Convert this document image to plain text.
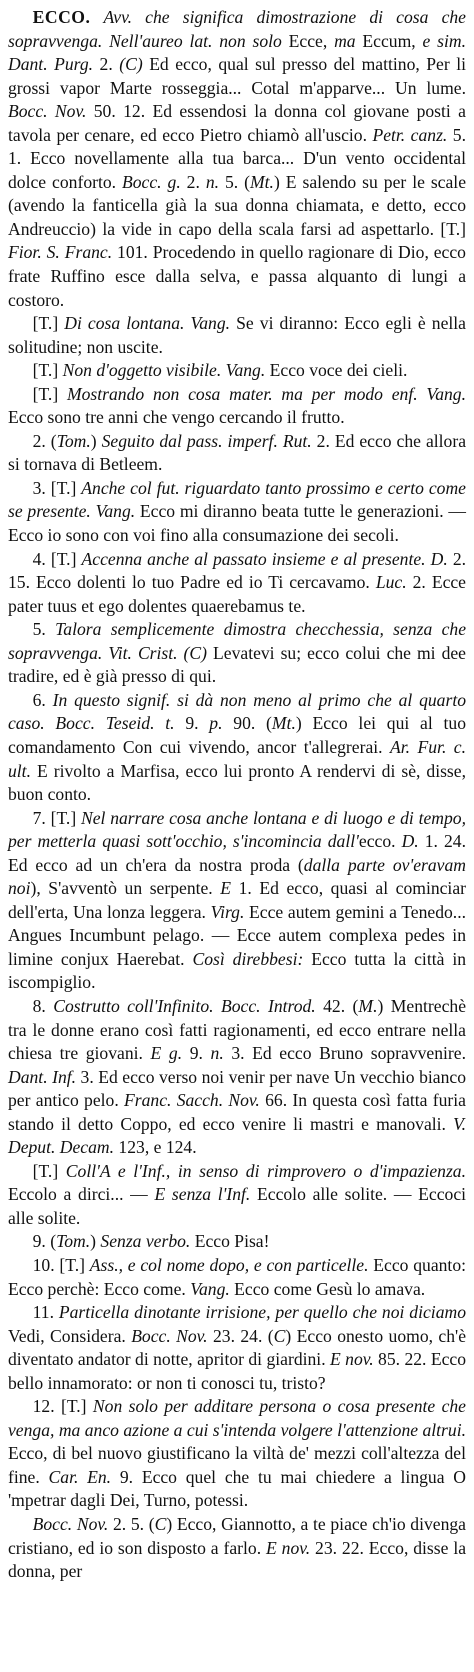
ECCO. Avv. che significa dimostrazione di cosa che sopravvenga. Nell'aureo lat. non solo Ecce, ma Eccum, e sim. Dant. Purg. 2. (C) Ed ecco, qual sul presso del mattino, Per li grossi vapor Marte rosseggia... Cotal m'apparve... Un lume. Bocc. Nov. 50. 12. Ed essendosi la donna col giovane posti a tavola per cenare, ed ecco Pietro chiamò all'uscio. Petr. canz. 5. 1. Ecco novellamente alla tua barca... D'un vento occidental dolce conforto. Bocc. g. 2. n. 5. (Mt.) E salendo su per le scale (avendo la fanticella già la sua donna chiamata, e detto, ecco Andreuccio) la vide in capo della scala farsi ad aspettarlo. [T.] Fior. S. Franc. 101. Procedendo in quello ragionare di Dio, ecco frate Ruffino esce dalla selva, e passa alquanto di lungi a costoro.

[T.] Di cosa lontana. Vang. Se vi diranno: Ecco egli è nella solitudine; non uscite.

[T.] Non d'oggetto visibile. Vang. Ecco voce dei cieli.

[T.] Mostrando non cosa mater. ma per modo enf. Vang. Ecco sono tre anni che vengo cercando il frutto.

2. (Tom.) Seguito dal pass. imperf. Rut. 2. Ed ecco che allora si tornava di Betleem.

3. [T.] Anche col fut. riguardato tanto prossimo e certo come se presente. Vang. Ecco mi diranno beata tutte le generazioni. — Ecco io sono con voi fino alla consumazione dei secoli.

4. [T.] Accenna anche al passato insieme e al presente. D. 2. 15. Ecco dolenti lo tuo Padre ed io Ti cercavamo. Luc. 2. Ecce pater tuus et ego dolentes quaerebamus te.

5. Talora semplicemente dimostra checchessia, senza che sopravvenga. Vit. Crist. (C) Levatevi su; ecco colui che mi dee tradire, ed è già presso di qui.

6. In questo signif. si dà non meno al primo che al quarto caso. Bocc. Teseid. t. 9. p. 90. (Mt.) Ecco lei qui al tuo comandamento Con cui vivendo, ancor t'allegrerai. Ar. Fur. c. ult. E rivolto a Marfisa, ecco lui pronto A rendervi di sè, disse, buon conto.

7. [T.] Nel narrare cosa anche lontana e di luogo e di tempo, per metterla quasi sott'occhio, s'incomincia dall'ecco. D. 1. 24. Ed ecco ad un ch'era da nostra proda (dalla parte ov'eravam noi), S'avventò un serpente. E 1. Ed ecco, quasi al cominciar dell'erta, Una lonza leggera. Virg. Ecce autem gemini a Tenedo... Angues Incumbunt pelago. — Ecce autem complexa pedes in limine conjux Haerebat. Così direbbesi: Ecco tutta la città in iscompiglio.

8. Costrutto coll'Infinito. Bocc. Introd. 42. (M.) Mentrechè tra le donne erano così fatti ragionamenti, ed ecco entrare nella chiesa tre giovani. E g. 9. n. 3. Ed ecco Bruno sopravvenire. Dant. Inf. 3. Ed ecco verso noi venir per nave Un vecchio bianco per antico pelo. Franc. Sacch. Nov. 66. In questa così fatta furia stando il detto Coppo, ed ecco venire li mastri e manovali. V. Deput. Decam. 123, e 124.

[T.] Coll'A e l'Inf., in senso di rimprovero o d'impazienza. Eccolo a dirci... — E senza l'Inf. Eccolo alle solite. — Eccoci alle solite.

9. (Tom.) Senza verbo. Ecco Pisa!

10. [T.] Ass., e col nome dopo, e con particelle. Ecco quanto: Ecco perchè: Ecco come. Vang. Ecco come Gesù lo amava.

11. Particella dinotante irrisione, per quello che noi diciamo Vedi, Considera. Bocc. Nov. 23. 24. (C) Ecco onesto uomo, ch'è diventato andator di notte, apritor di giardini. E nov. 85. 22. Ecco bello innamorato: or non ti conosci tu, tristo?

12. [T.] Non solo per additare persona o cosa presente che venga, ma anco azione a cui s'intenda volgere l'attenzione altrui. Ecco, di bel nuovo giustificano la viltà de' mezzi coll'altezza del fine. Car. En. 9. Ecco quel che tu mai chiedere a lingua O 'mpetrar dagli Dei, Turno, potessi.

Bocc. Nov. 2. 5. (C) Ecco, Giannotto, a te piace ch'io divenga cristiano, ed io son disposto a farlo. E nov. 23. 22. Ecco, disse la donna, per
